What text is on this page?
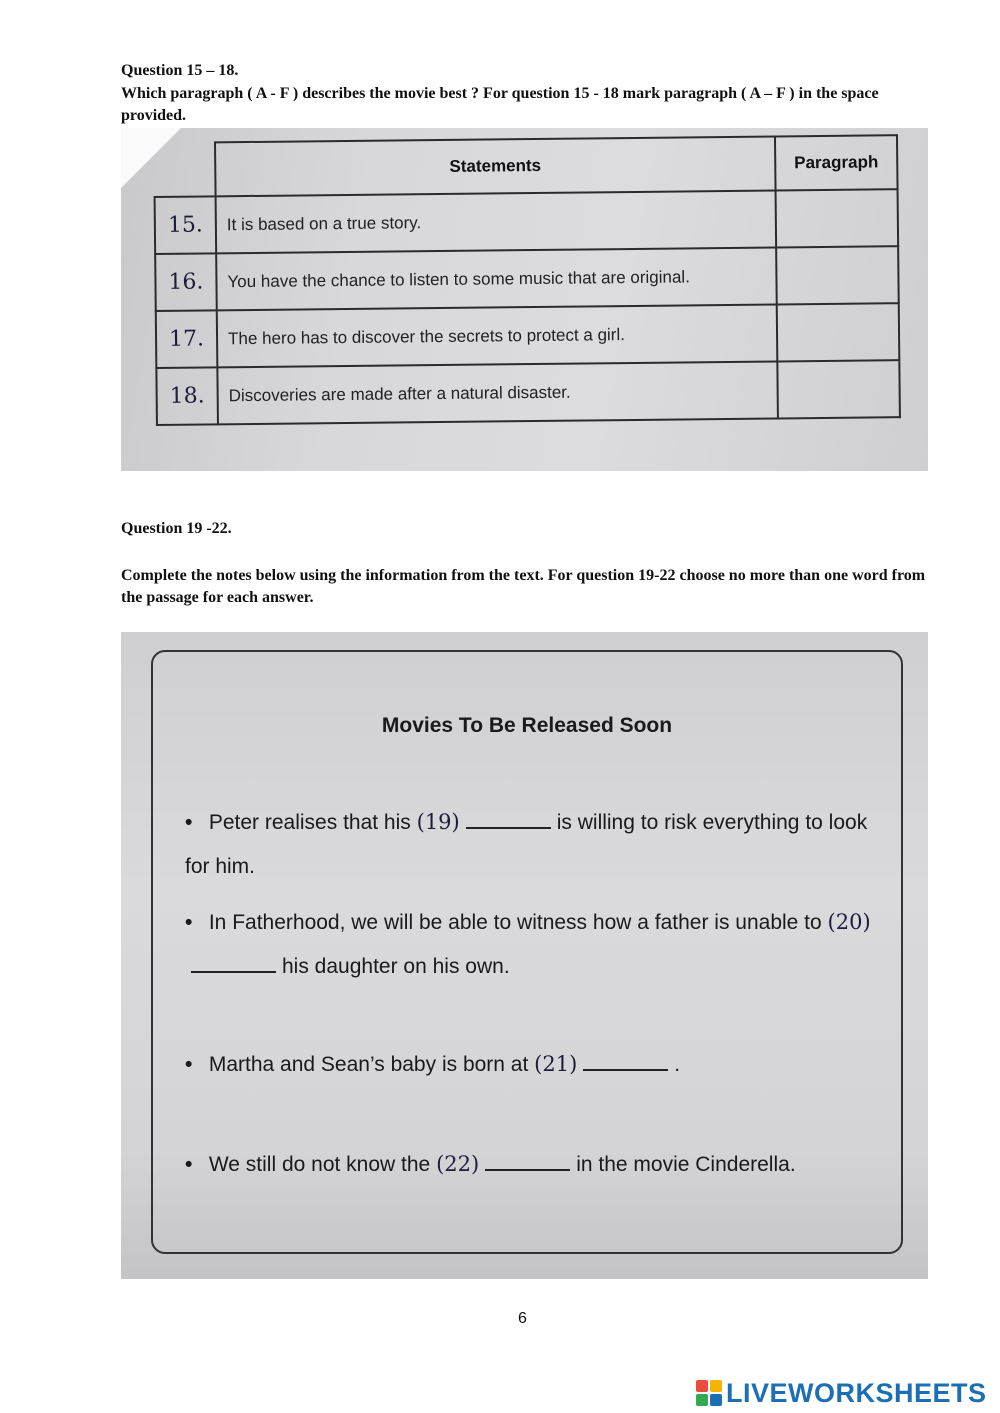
Question 15 – 18.
Which paragraph ( A - F ) describes the movie best ? For question 15 - 18 mark paragraph ( A – F ) in the space provided.
	Statements	Paragraph
15.	It is based on a true story.	
16.	You have the chance to listen to some music that are original.	
17.	The hero has to discover the secrets to protect a girl.	
18.	Discoveries are made after a natural disaster.	
Question 19 -22.
Complete the notes below using the information from the text. For question 19-22 choose no more than one word from the passage for each answer.
Movies To Be Released Soon
• Peter realises that his (19)	is willing to risk everything to look for him.
• In Fatherhood, we will be able to witness how a father is unable to (20)his daughter on his own.
• Martha and Sean’s baby is born at (21)	.
• We still do not know the (22)	in the movie Cinderella.
6
LIVEWORKSHEETS
